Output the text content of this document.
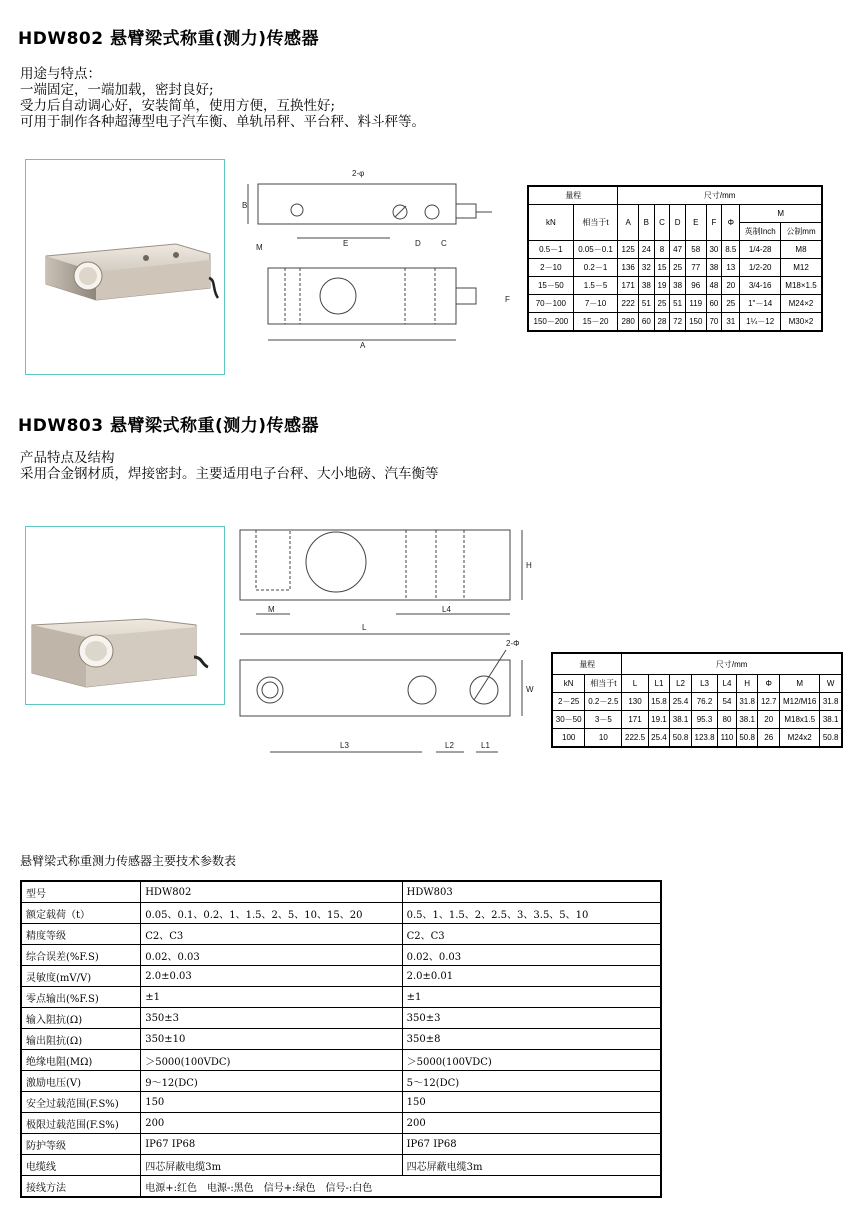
HDW802 悬臂梁式称重(测力)传感器
用途与特点：
一端固定，一端加载，密封良好;
受力后自动调心好，安装简单，使用方便，互换性好;
可用于制作各种超薄型电子汽车衡、单轨吊秤、平台秤、料斗秤等。
B
E	D	C
2-φ
M
A
F
量程		尺寸/mm								
kN	相当于t	A	B	C	D	E	F	Φ	M	
									英制Inch	公制mm
0.5－1	0.05－0.1	125	24	8	47	58	30	8.5	1/4-28	M8
2－10	0.2－1	136	32	15	25	77	38	13	1/2-20	M12
15－50	1.5－5	171	38	19	38	96	48	20	3/4-16	M18×1.5
70－100	7－10	222	51	25	51	119	60	25	1"－14	M24×2
150－200	15－20	280	60	28	72	150	70	31	1¼－12	M30×2
HDW803 悬臂梁式称重(测力)传感器
产品特点及结构
采用合金钢材质，焊接密封。主要适用电子台秤、大小地磅、汽车衡等
H
M	L4
L
2-Φ
W
L3	L2	L1
量程		尺寸/mm								
kN	相当于t	L	L1	L2	L3	L4	H	Φ	M	W
2－25	0.2－2.5	130	15.8	25.4	76.2	54	31.8	12.7	M12/M16	31.8
30－50	3－5	171	19.1	38.1	95.3	80	38.1	20	M18x1.5	38.1
100	10	222.5	25.4	50.8	123.8	110	50.8	26	M24x2	50.8
悬臂梁式称重测力传感器主要技术参数表
型号	HDW802	HDW803
额定载荷（t）	0.05、0.1、0.2、1、1.5、2、5、10、15、20	0.5、1、1.5、2、2.5、3、3.5、5、10
精度等级	C2、C3	C2、C3
综合误差(%F.S)	0.02、0.03	0.02、0.03
灵敏度(mV/V)	2.0±0.03	2.0±0.01
零点输出(%F.S)	±1	±1
输入阻抗(Ω)	350±3	350±3
输出阻抗(Ω)	350±10	350±8
绝缘电阻(MΩ)	＞5000(100VDC)	＞5000(100VDC)
激励电压(V)	9～12(DC)	5～12(DC)
安全过载范围(F.S%)	150	150
极限过载范围(F.S%)	200	200
防护等级	IP67 IP68	IP67 IP68
电缆线	四芯屏蔽电缆3m	四芯屏蔽电缆3m
接线方法	电源+:红色　电源-:黑色　信号+:绿色　信号-:白色	
